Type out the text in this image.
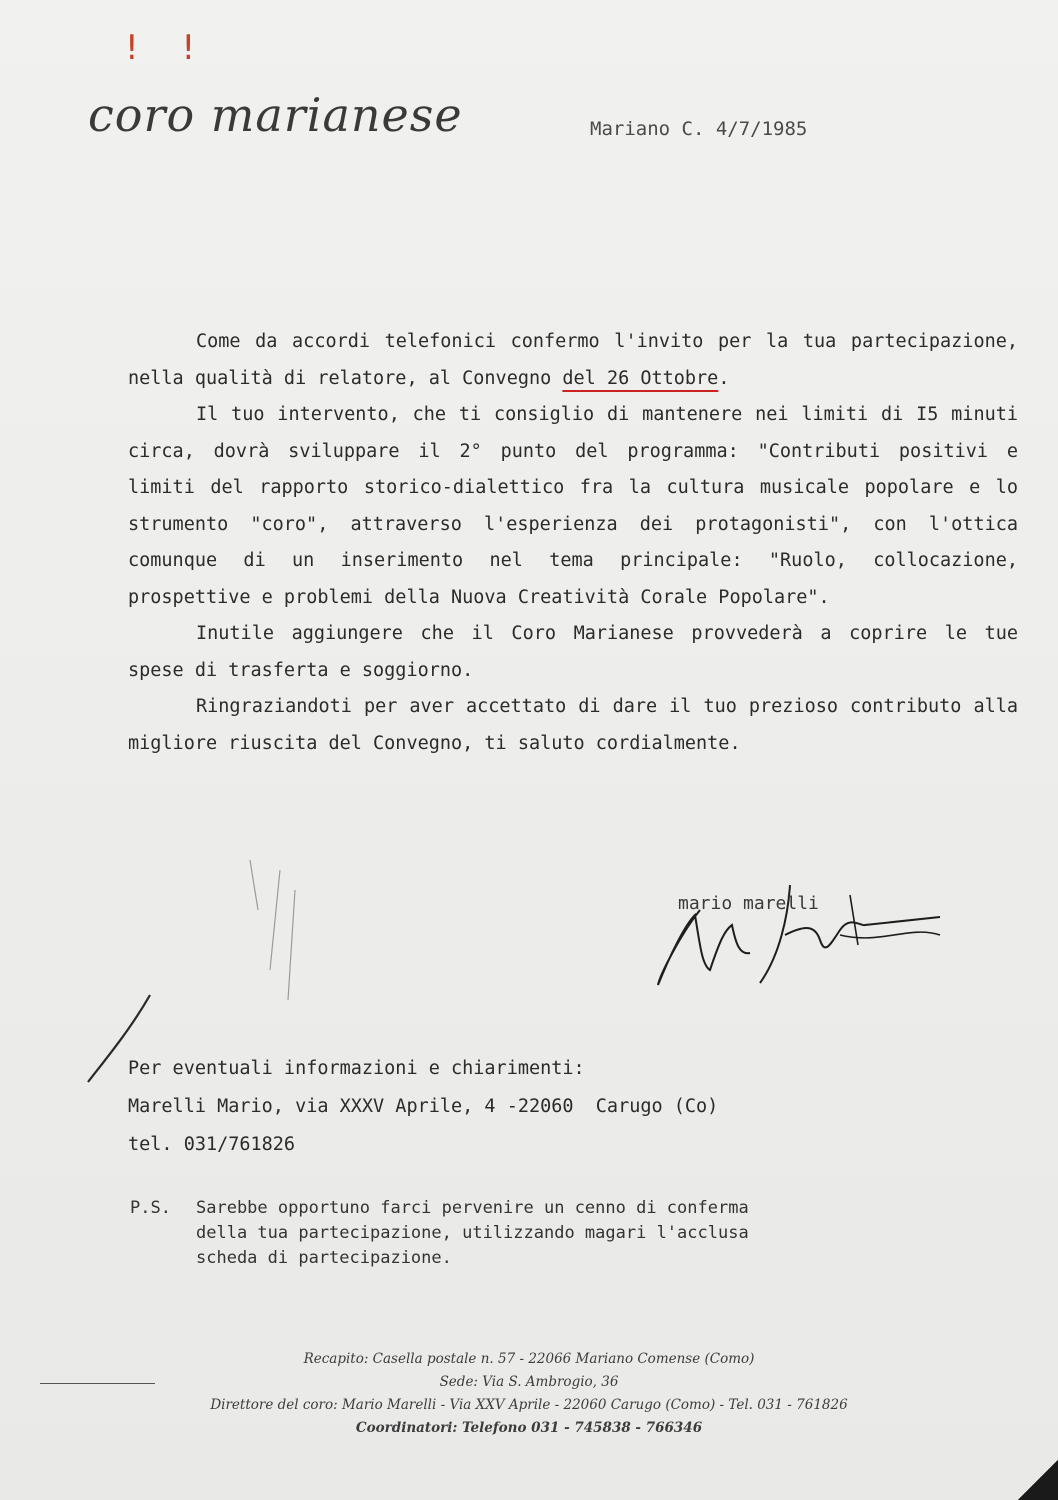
! !
coro marianese	Mariano C. 4/7/1985

Come da accordi telefonici confermo l'invito per la tua partecipazione, nella qualità di relatore, al Convegno del 26 Ottobre.

Il tuo intervento, che ti consiglio di mantenere nei limiti di I5 minuti circa, dovrà sviluppare il 2° punto del programma: "Contributi positivi e limiti del rapporto storico-dialettico fra la cultura musicale popolare e lo strumento "coro", attraverso l'esperienza dei protagonisti", con l'ottica comunque di un inserimento nel tema principale: "Ruolo, collocazione, prospettive e problemi della Nuova Creatività Corale Popolare".

Inutile aggiungere che il Coro Marianese provvederà a coprire le tue spese di trasferta e soggiorno.

Ringraziandoti per aver accettato di dare il tuo prezioso contributo alla migliore riuscita del Convegno, ti saluto cordialmente.

mario marelli
Per eventuali informazioni e chiarimenti:
Marelli Mario, via XXXV Aprile, 4 -22060  Carugo (Co)
tel. 031/761826
P.S. Sarebbe opportuno farci pervenire un cenno di conferma
della tua partecipazione, utilizzando magari l'acclusa
scheda di partecipazione.
Recapito: Casella postale n. 57 - 22066 Mariano Comense (Como)
Sede: Via S. Ambrogio, 36
Direttore del coro: Mario Marelli - Via XXV Aprile - 22060 Carugo (Como) - Tel. 031 - 761826
Coordinatori: Telefono 031 - 745838 - 766346
